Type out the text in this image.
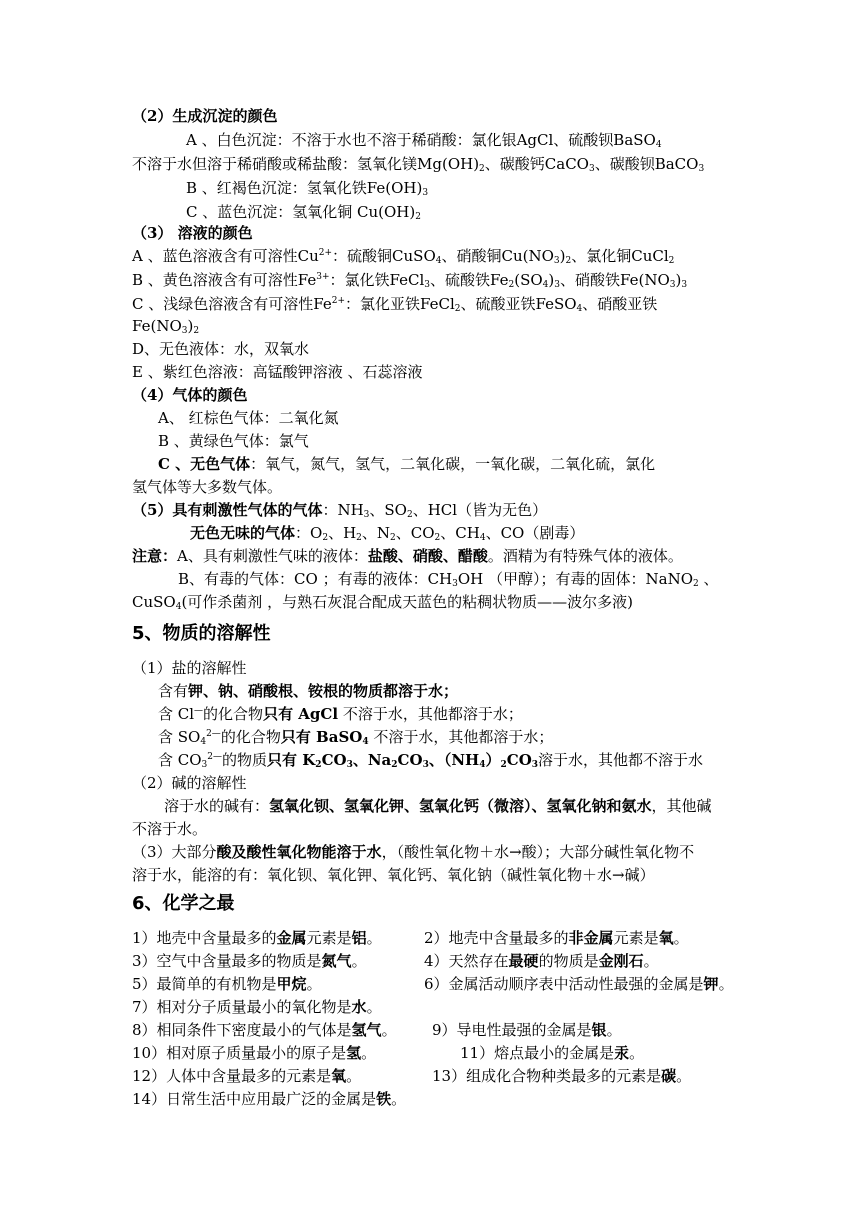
（2）生成沉淀的颜色
A 、白色沉淀：不溶于水也不溶于稀硝酸：氯化银AgCl、硫酸钡BaSO$_4$
不溶于水但溶于稀硝酸或稀盐酸：氢氧化镁$Mg(OH)_2$、碳酸钙CaCO$_3$、碳酸钡BaCO$_3$
B 、红褐色沉淀：氢氧化铁$Fe(OH)_3$
C 、蓝色沉淀：氢氧化铜 $Cu(OH)_2$
（3） 溶液的颜色
A 、蓝色溶液含有可溶性$Cu^{2+}$：硫酸铜CuSO$_4$、硝酸铜$Cu(NO_3)_2$、氯化铜CuCl$_2$
B 、黄色溶液含有可溶性$Fe^{3+}$：氯化铁FeCl$_3$、硫酸铁$Fe_2(SO_4)_3$、硝酸铁$Fe(NO_3)_3$
C 、浅绿色溶液含有可溶性$Fe^{2+}$：氯化亚铁FeCl$_2$、硫酸亚铁FeSO$_4$、硝酸亚铁
$Fe(NO_3)_2$
D、无色液体：水，双氧水
E 、紫红色溶液：高锰酸钾溶液 、石蕊溶液
（4）气体的颜色
A、 红棕色气体：二氧化氮
B 、黄绿色气体：氯气
C 、无色气体：氧气，氮气，氢气，二氧化碳，一氧化碳，二氧化硫，氯化
氢气体等大多数气体。
（5）具有刺激性气体的气体：$NH_3$、$SO_2$、HCl（皆为无色）
无色无味的气体：$O_2$、$H_2$、$N_2$、$CO_2$、$CH_4$、CO（剧毒）
注意：A、具有刺激性气味的液体：盐酸、硝酸、醋酸。酒精为有特殊气体的液体。
B、有毒的气体：CO ；有毒的液体：$CH_3OH$ （甲醇）；有毒的固体：NaNO$_2$ 、
CuSO$_4$(可作杀菌剂 ，与熟石灰混合配成天蓝色的粘稠状物质——波尔多液)
5、物质的溶解性
（1）盐的溶解性
含有钾、钠、硝酸根、铵根的物质都溶于水；
含 Cl—的化合物只有 AgCl 不溶于水，其他都溶于水；
含 $SO_4^{2—}$的化合物只有 BaSO$_4$ 不溶于水，其他都溶于水；
含 $CO_3^{2—}$的物质只有 $K_2CO_3$、$Na_2CO_3$、$(NH_4)_2CO_3$溶于水，其他都不溶于水
（2）碱的溶解性
溶于水的碱有：氢氧化钡、氢氧化钾、氢氧化钙（微溶）、氢氧化钠和氨水，其他碱
不溶于水。
（3）大部分酸及酸性氧化物能溶于水，（酸性氧化物＋水→酸）；大部分碱性氧化物不
溶于水，能溶的有：氧化钡、氧化钾、氧化钙、氧化钠（碱性氧化物＋水→碱）
6、化学之最
1）地壳中含量最多的金属元素是铝。	2）地壳中含量最多的非金属元素是氧。
3）空气中含量最多的物质是氮气。	4）天然存在最硬的物质是金刚石。
5）最简单的有机物是甲烷。	6）金属活动顺序表中活动性最强的金属是钾。
7）相对分子质量最小的氧化物是水。
8）相同条件下密度最小的气体是氢气。 9）导电性最强的金属是银。
10）相对原子质量最小的原子是氢。	11）熔点最小的金属是汞。
12）人体中含量最多的元素是氧。	13）组成化合物种类最多的元素是碳。
14）日常生活中应用最广泛的金属是铁。
